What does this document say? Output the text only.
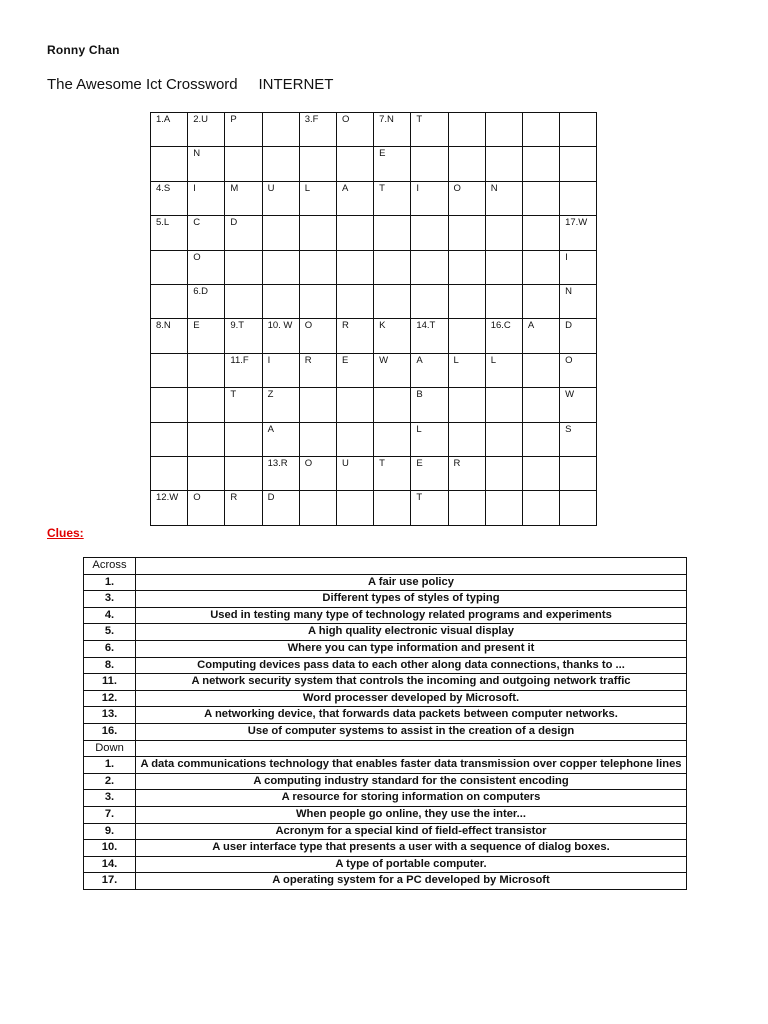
Ronny Chan
The Awesome Ict Crossword     INTERNET
1.A	2.U	P		3.F	O	7.N	T				
	N					E					
4.S	I	M	U	L	A	T	I	O	N		
5.L	C	D									17.W
	O										I
	6.D										N
8.N	E	9.T	10. W	O	R	K	14.T		16.C	A	D
		11.F	I	R	E	W	A	L	L		O
		T	Z				B				W
			A				L				S
			13.R	O	U	T	E	R			
12.W	O	R	D				T				
Clues:
Across	
1.	A fair use policy
3.	Different types of styles of typing
4.	Used in testing many type of technology related programs and experiments
5.	A high quality electronic visual display
6.	Where you can type information and present it
8.	Computing devices pass data to each other along data connections, thanks to ...
11.	A network security system that controls the incoming and outgoing network traffic
12.	Word processer developed by Microsoft.
13.	A networking device, that forwards data packets between computer networks.
16.	Use of computer systems to assist in the creation of a design
Down	
1.	A data communications technology that enables faster data transmission over copper telephone lines
2.	A computing industry standard for the consistent encoding
3.	A resource for storing information on computers
7.	When people go online, they use the inter...
9.	Acronym for a special kind of field-effect transistor
10.	A user interface type that presents a user with a sequence of dialog boxes.
14.	A type of portable computer.
17.	A operating system for a PC developed by Microsoft
